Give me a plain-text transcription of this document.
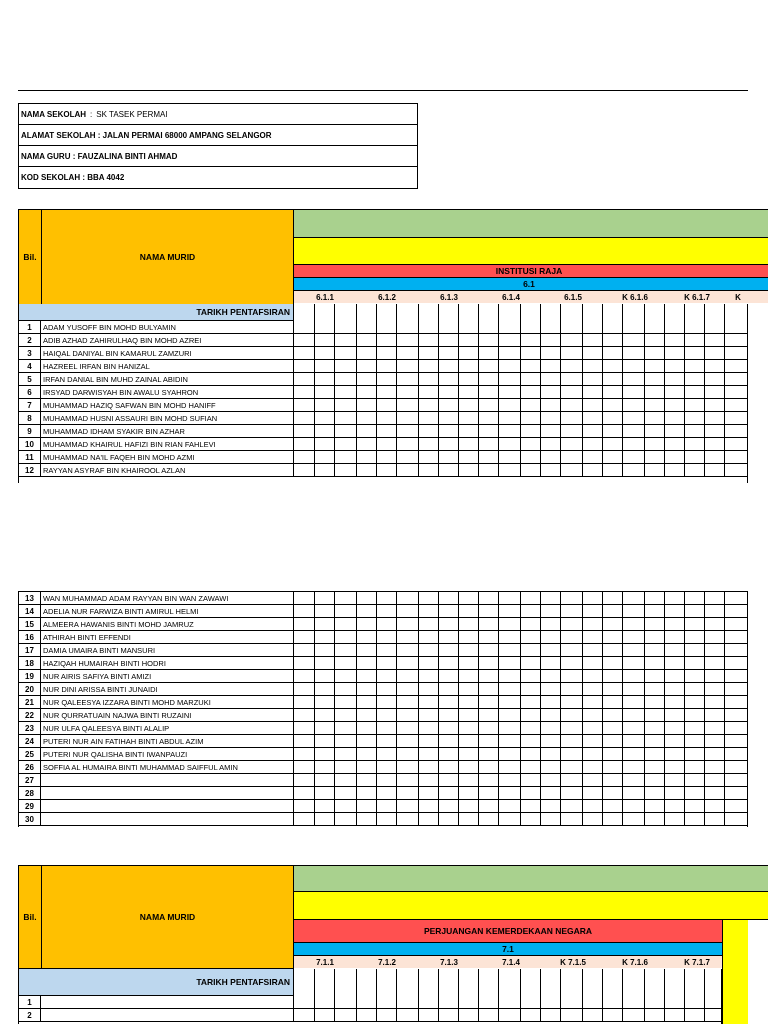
NAMA SEKOLAH : SK TASEK PERMAI
ALAMAT SEKOLAH : JALAN PERMAI 68000 AMPANG SELANGOR
NAMA GURU : FAUZALINA BINTI AHMAD
KOD SEKOLAH : BBA 4042
Bil.	NAMA MURID
INSTITUSI RAJA
6.1
6.1.1	6.1.2	6.1.3	6.1.4	6.1.5	K 6.1.6	K 6.1.7	K
TARIKH PENTAFSIRAN
1	ADAM YUSOFF BIN MOHD BULYAMIN
2	ADIB AZHAD ZAHIRULHAQ BIN MOHD AZREI
3	HAIQAL DANIYAL BIN KAMARUL ZAMZURI
4	HAZREEL IRFAN BIN HANIZAL
5	IRFAN DANIAL BIN MUHD ZAINAL ABIDIN
6	IRSYAD DARWISYAH BIN AWALU SYAHRON
7	MUHAMMAD HAZIQ SAFWAN BIN MOHD HANIFF
8	MUHAMMAD HUSNI ASSAURI BIN MOHD SUFIAN
9	MUHAMMAD IDHAM SYAKIR BIN AZHAR
10	MUHAMMAD KHAIRUL HAFIZI BIN RIAN FAHLEVI
11	MUHAMMAD NA'IL FAQEH BIN MOHD AZMI
12	RAYYAN ASYRAF BIN KHAIROOL AZLAN
13	WAN MUHAMMAD ADAM RAYYAN BIN WAN ZAWAWI
14	ADELIA NUR FARWIZA BINTI AMIRUL HELMI
15	ALMEERA HAWANIS BINTI MOHD JAMRUZ
16	ATHIRAH BINTI EFFENDI
17	DAMIA UMAIRA BINTI MANSURI
18	HAZIQAH HUMAIRAH BINTI HODRI
19	NUR AIRIS SAFIYA BINTI AMIZI
20	NUR DINI ARISSA BINTI JUNAIDI
21	NUR QALEESYA IZZARA BINTI MOHD MARZUKI
22	NUR QURRATUAIN NAJWA BINTI RUZAINI
23	NUR ULFA QALEESYA BINTI ALALIP
24	PUTERI NUR AIN FATIHAH BINTI ABDUL AZIM
25	PUTERI NUR QALISHA BINTI IWANPAUZI
26	SOFFIA AL HUMAIRA BINTI MUHAMMAD SAIFFUL AMIN
27
28
29
30
Bil.	NAMA MURID
PERJUANGAN KEMERDEKAAN NEGARA
7.1
7.1.1	7.1.2	7.1.3	7.1.4	K 7.1.5	K 7.1.6	K 7.1.7
TARIKH PENTAFSIRAN
1
2
